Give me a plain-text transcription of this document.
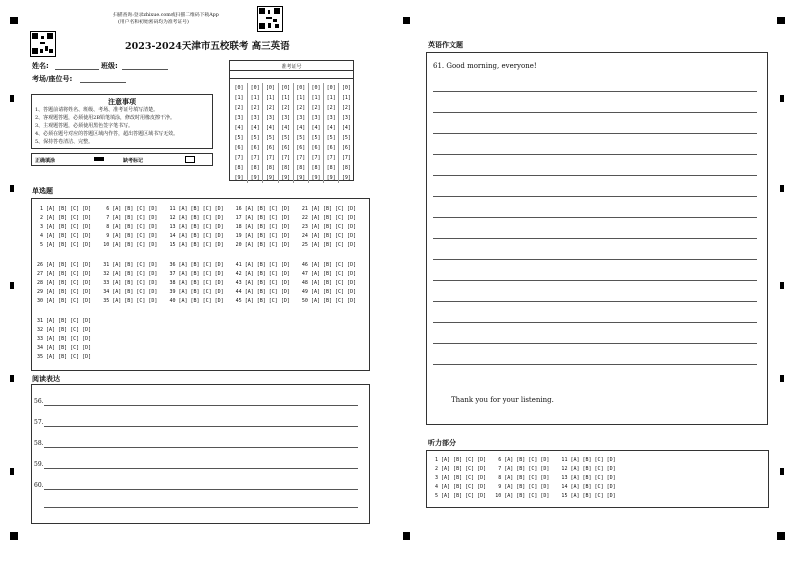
扫描查询:登录zhixue.com或扫描二维码下载App
(用户名和初始密码均为准考证号)
2023-2024天津市五校联考 高三英语
姓名:	班级:
考场/座位号:
准考证号
[0]
[1]
[2]
[3]
[4]
[5]
[6]
[7]
[8]
[9]
[0]
[1]
[2]
[3]
[4]
[5]
[6]
[7]
[8]
[9]
[0]
[1]
[2]
[3]
[4]
[5]
[6]
[7]
[8]
[9]
[0]
[1]
[2]
[3]
[4]
[5]
[6]
[7]
[8]
[9]
[0]
[1]
[2]
[3]
[4]
[5]
[6]
[7]
[8]
[9]
[0]
[1]
[2]
[3]
[4]
[5]
[6]
[7]
[8]
[9]
[0]
[1]
[2]
[3]
[4]
[5]
[6]
[7]
[8]
[9]
[0]
[1]
[2]
[3]
[4]
[5]
[6]
[7]
[8]
[9]
注意事项
1、答题前请将姓名、班级、考场、准考证号填写清楚。
2、客观题答题，必须使用2B铅笔填涂，修改时用橡皮擦干净。
3、主观题答题，必须使用黑色签字笔书写。
4、必须在题号对应的答题区域内作答，超出答题区域书写无效。
5、保持答卷清洁、完整。
正确填涂	缺考标记
单选题
1 [A] [B] [C] [D]     6 [A] [B] [C] [D]    11 [A] [B] [C] [D]    16 [A] [B] [C] [D]    21 [A] [B] [C] [D]
2 [A] [B] [C] [D]     7 [A] [B] [C] [D]    12 [A] [B] [C] [D]    17 [A] [B] [C] [D]    22 [A] [B] [C] [D]
3 [A] [B] [C] [D]     8 [A] [B] [C] [D]    13 [A] [B] [C] [D]    18 [A] [B] [C] [D]    23 [A] [B] [C] [D]
4 [A] [B] [C] [D]     9 [A] [B] [C] [D]    14 [A] [B] [C] [D]    19 [A] [B] [C] [D]    24 [A] [B] [C] [D]
5 [A] [B] [C] [D]    10 [A] [B] [C] [D]    15 [A] [B] [C] [D]    20 [A] [B] [C] [D]    25 [A] [B] [C] [D]
26 [A] [B] [C] [D]    31 [A] [B] [C] [D]    36 [A] [B] [C] [D]    41 [A] [B] [C] [D]    46 [A] [B] [C] [D]
27 [A] [B] [C] [D]    32 [A] [B] [C] [D]    37 [A] [B] [C] [D]    42 [A] [B] [C] [D]    47 [A] [B] [C] [D]
28 [A] [B] [C] [D]    33 [A] [B] [C] [D]    38 [A] [B] [C] [D]    43 [A] [B] [C] [D]    48 [A] [B] [C] [D]
29 [A] [B] [C] [D]    34 [A] [B] [C] [D]    39 [A] [B] [C] [D]    44 [A] [B] [C] [D]    49 [A] [B] [C] [D]
30 [A] [B] [C] [D]    35 [A] [B] [C] [D]    40 [A] [B] [C] [D]    45 [A] [B] [C] [D]    50 [A] [B] [C] [D]
31 [A] [B] [C] [D]
32 [A] [B] [C] [D]
33 [A] [B] [C] [D]
34 [A] [B] [C] [D]
35 [A] [B] [C] [D]
阅读表达
56.
57.
58.
59.
60.
英语作文题
61. Good morning, everyone!
Thank you for your listening.
听力部分
1 [A] [B] [C] [D]    6 [A] [B] [C] [D]    11 [A] [B] [C] [D]
2 [A] [B] [C] [D]    7 [A] [B] [C] [D]    12 [A] [B] [C] [D]
3 [A] [B] [C] [D]    8 [A] [B] [C] [D]    13 [A] [B] [C] [D]
4 [A] [B] [C] [D]    9 [A] [B] [C] [D]    14 [A] [B] [C] [D]
5 [A] [B] [C] [D]   10 [A] [B] [C] [D]    15 [A] [B] [C] [D]
